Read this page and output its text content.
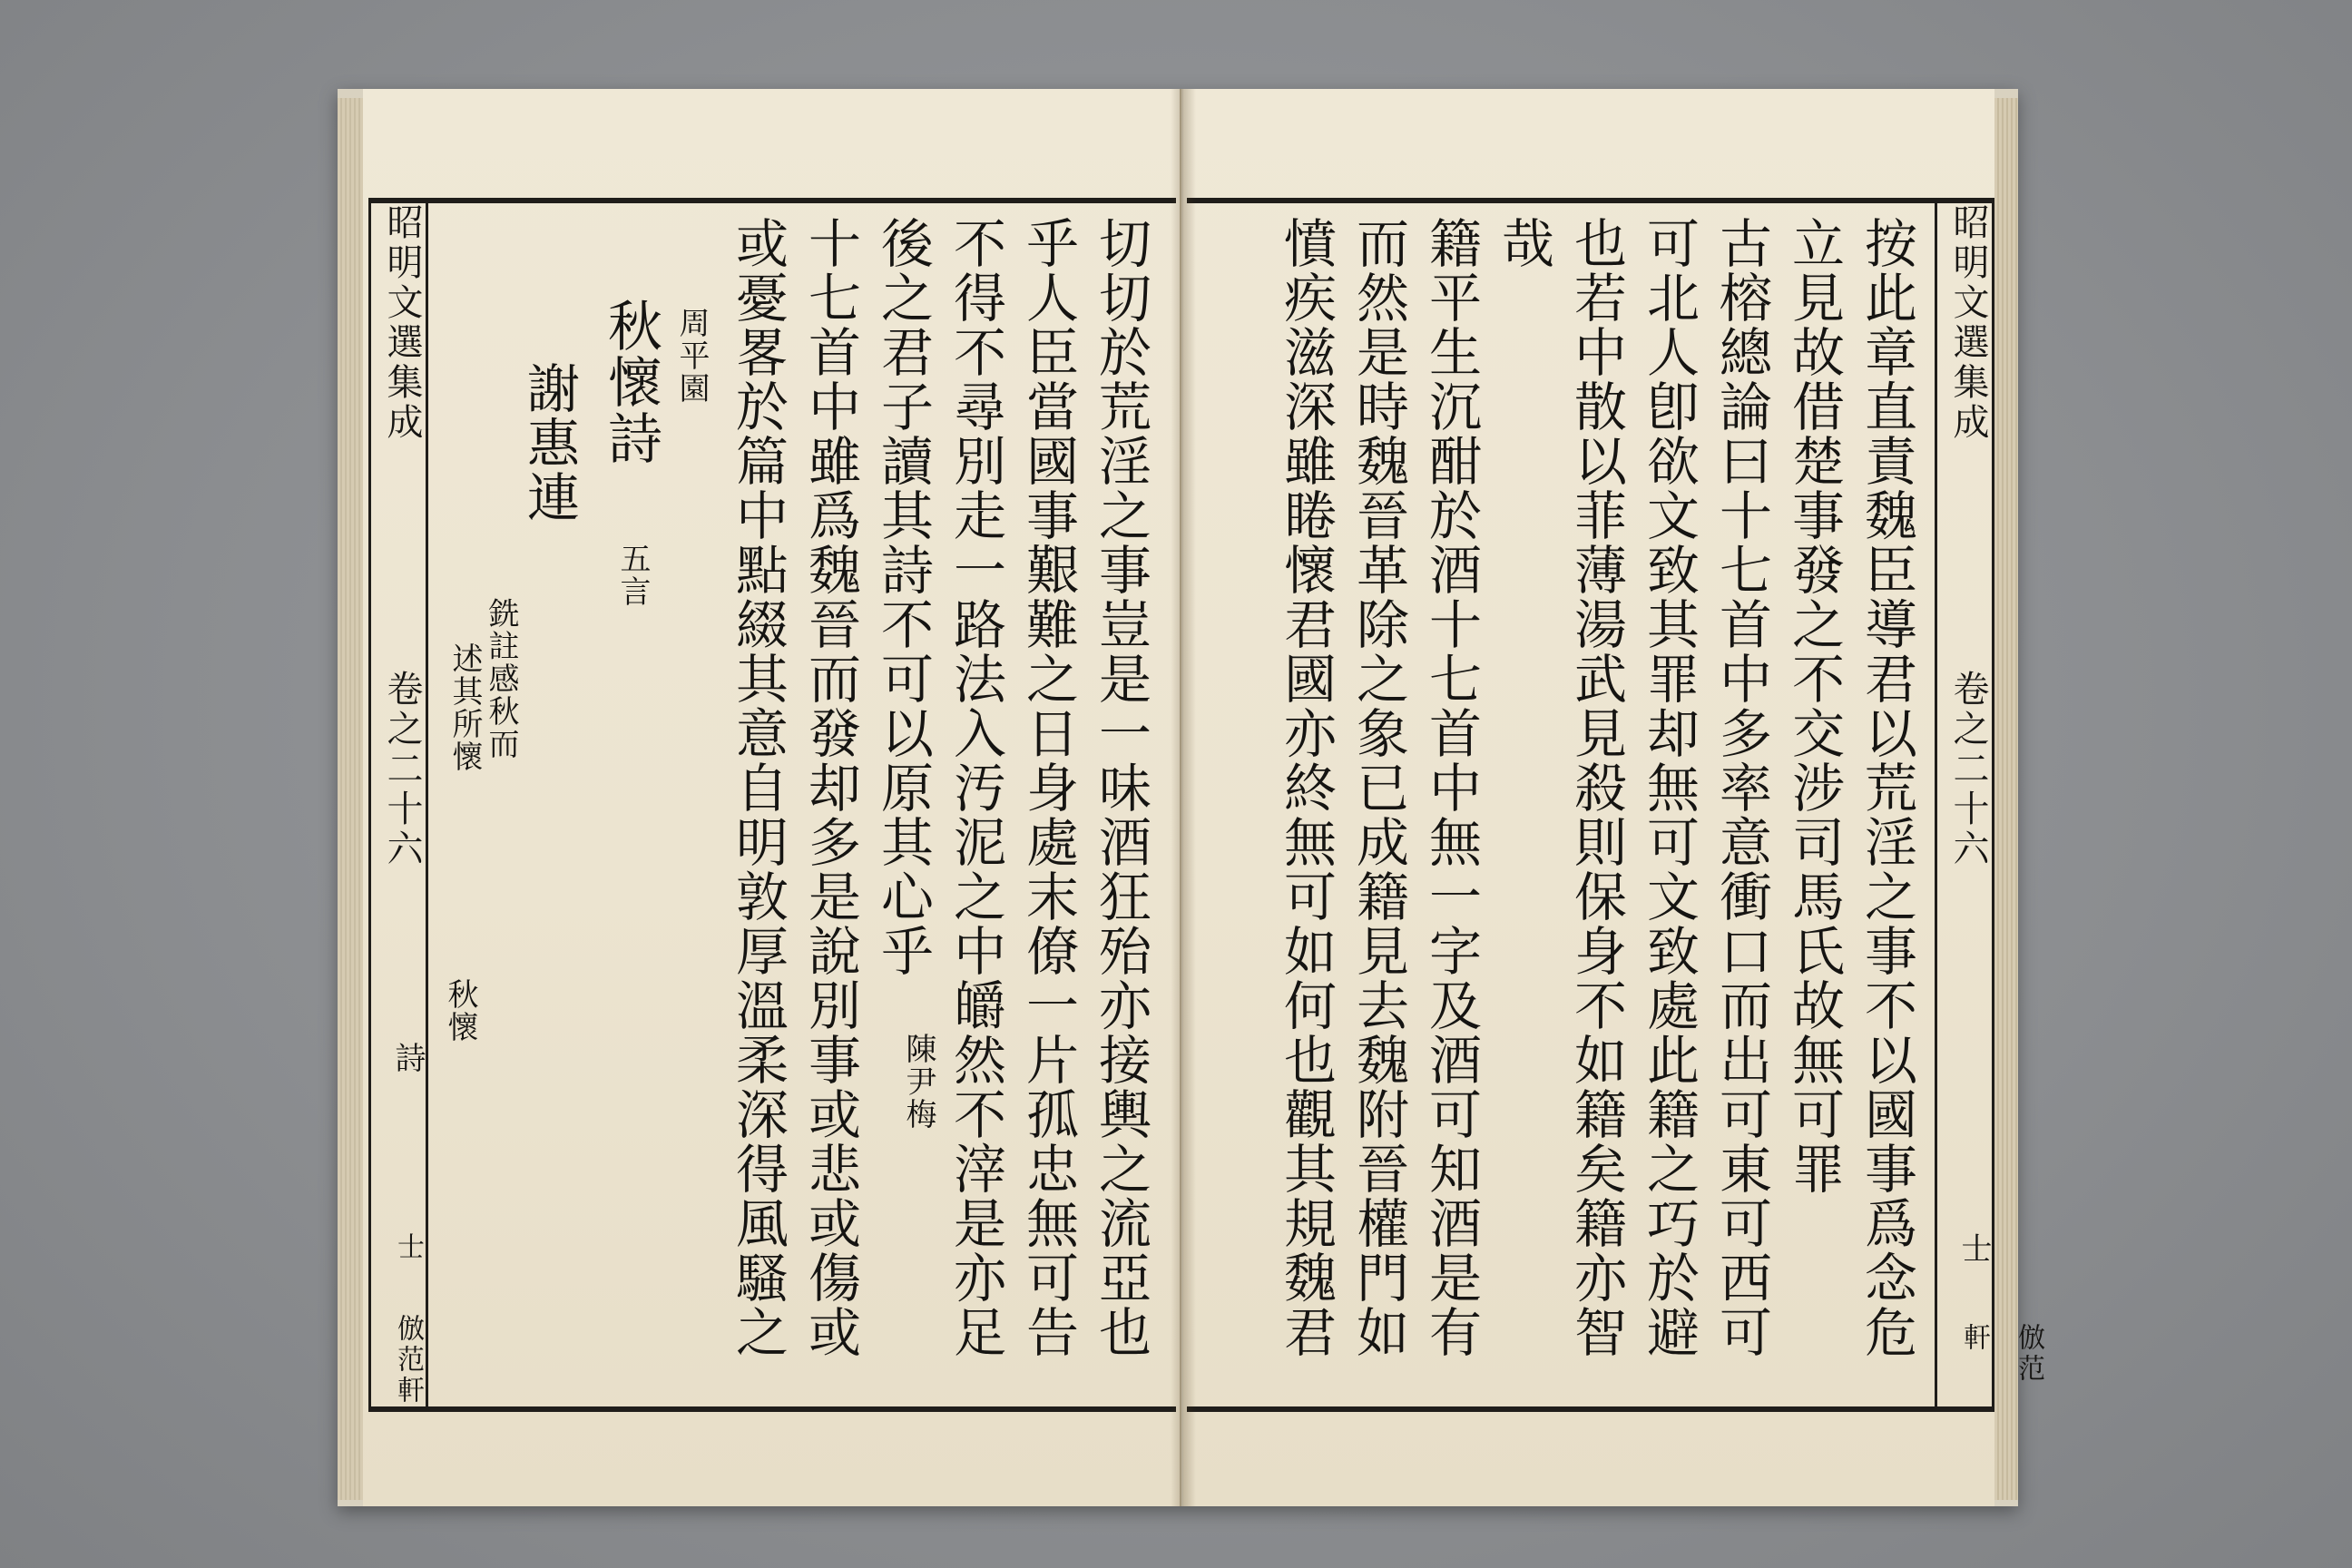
昭明文選集成
卷之二十六
詩
士
倣范軒
秋懷
切切於荒淫之事豈是一味酒狂殆亦接輿之流亞也
乎人臣當國事艱難之日身處末僚一片孤忠無可告
不得不尋別走一路法入汚泥之中皭然不滓是亦足
後之君子讀其詩不可以原其心乎
陳尹梅
十七首中雖爲魏晉而發却多是說別事或悲或傷或
或憂畧於篇中點綴其意自明敦厚溫柔深得風騷之
周平園
秋懷詩
五言
謝惠連
銑註感秋而
述其所懷
昭明文選集成
卷之二十六
士
倣范軒
按此章直責魏臣導君以荒淫之事不以國事爲念危
立見故借楚事發之不交涉司馬氏故無可罪
古榕總論曰十七首中多率意衝口而出可東可西可
可北人卽欲文致其罪却無可文致處此籍之巧於避
也若中散以菲薄湯武見殺則保身不如籍矣籍亦智
哉
籍平生沉酣於酒十七首中無一字及酒可知酒是有
而然是時魏晉革除之象已成籍見去魏附晉權門如
憤疾滋深雖睠懷君國亦終無可如何也觀其規魏君
